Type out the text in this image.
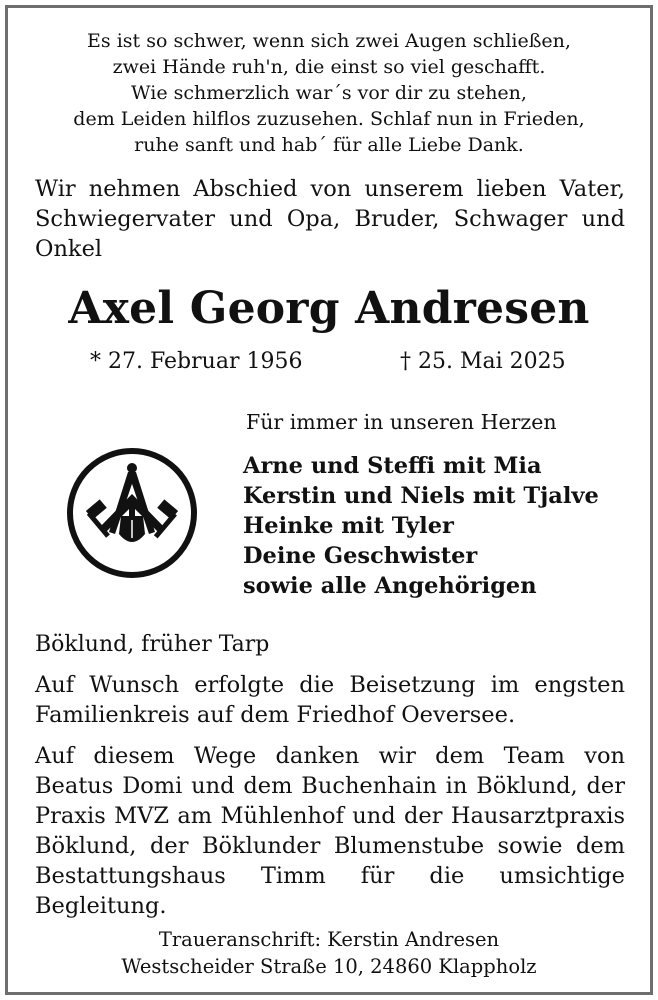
Es ist so schwer, wenn sich zwei Augen schließen,
zwei Hände ruh'n, die einst so viel geschafft.
Wie schmerzlich war´s vor dir zu stehen,
dem Leiden hilflos zuzusehen. Schlaf nun in Frieden,
ruhe sanft und hab´ für alle Liebe Dank.
Wir nehmen Abschied von unserem lieben Vater, Schwiegervater und Opa, Bruder, Schwager und Onkel
Axel Georg Andresen
* 27. Februar 1956	† 25. Mai 2025
Für immer in unseren Herzen
Arne und Steffi mit Mia
Kerstin und Niels mit Tjalve
Heinke mit Tyler
Deine Geschwister
sowie alle Angehörigen
Böklund, früher Tarp
Auf Wunsch erfolgte die Beisetzung im engsten Familienkreis auf dem Friedhof Oeversee.
Auf diesem Wege danken wir dem Team von Beatus Domi und dem Buchenhain in Böklund, der Praxis MVZ am Mühlenhof und der Hausarztpraxis Böklund, der Böklunder Blumenstube sowie dem Bestattungshaus Timm für die umsichtige Begleitung.
Traueranschrift: Kerstin Andresen
Westscheider Straße 10, 24860 Klappholz
